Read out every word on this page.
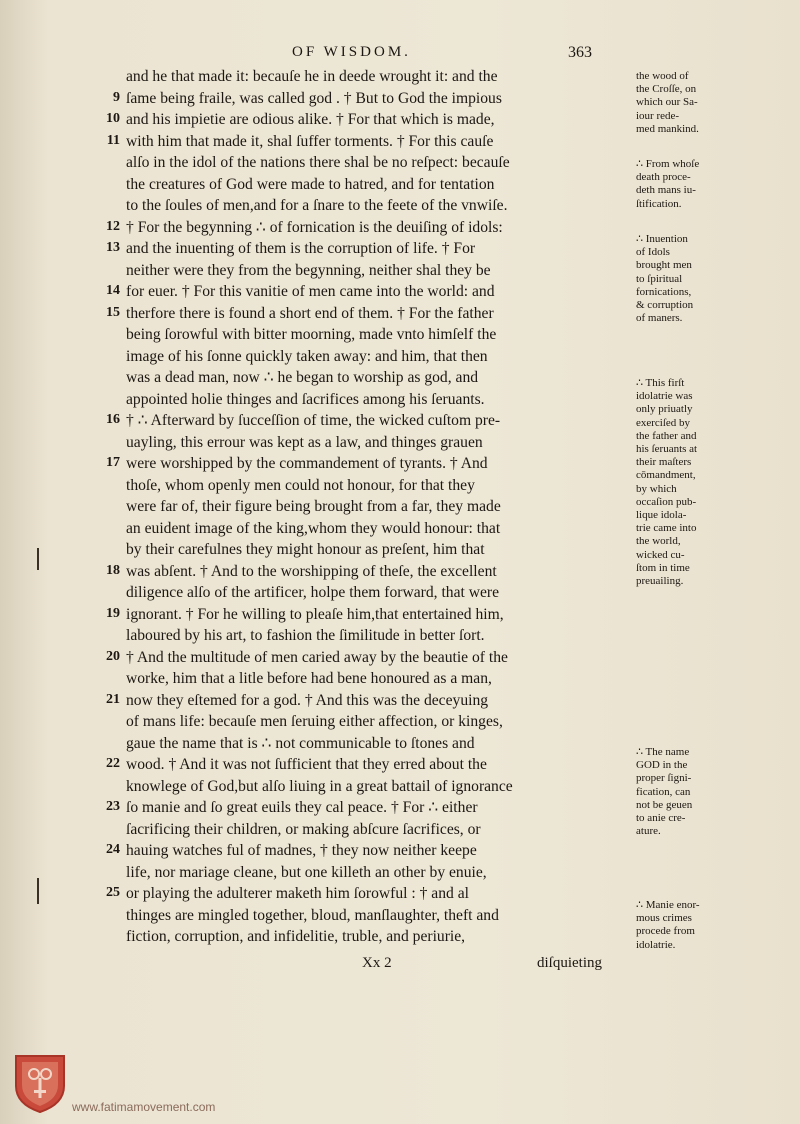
OF WISDOM.	363
and he that made it: becauſe he in deede wrought it: and the
9 ſame being fraile, was called god . † But to God the impious
10 and his impietie are odious alike. † For that which is made,
11 with him that made it, shal ſuffer torments. † For this cauſe
alſo in the idol of the nations there shal be no reſpect: becauſe
the creatures of God were made to hatred, and for tentation
to the ſoules of men,and for a ſnare to the feete of the vnwiſe.
12 † For the begynning ∴ of fornication is the deuiſing of idols:
13 and the inuenting of them is the corruption of life. † For
neither were they from the begynning, neither shal they be
14 for euer. † For this vanitie of men came into the world: and
15 therfore there is found a short end of them. † For the father
being ſorowful with bitter moorning, made vnto himſelf the
image of his ſonne quickly taken away: and him, that then
was a dead man, now ∴ he began to worship as god, and
appointed holie thinges and ſacrifices among his ſeruants.
16 † ∴ Afterward by ſucceſſion of time, the wicked cuſtom pre-
uayling, this errour was kept as a law, and thinges grauen
17 were worshipped by the commandement of tyrants. † And
thoſe, whom openly men could not honour, for that they
were far of, their figure being brought from a far, they made
an euident image of the king,whom they would honour: that
by their carefulnes they might honour as preſent, him that
18 was abſent. † And to the worshipping of theſe, the excellent
diligence alſo of the artificer, holpe them forward, that were
19 ignorant. † For he willing to pleaſe him,that entertained him,
laboured by his art, to fashion the ſimilitude in better ſort.
20 † And the multitude of men caried away by the beautie of the
worke, him that a litle before had bene honoured as a man,
21 now they eſtemed for a god. † And this was the deceyuing
of mans life: becauſe men ſeruing either affection, or kinges,
gaue the name that is ∴ not communicable to ſtones and
22 wood. † And it was not ſufficient that they erred about the
knowlege of God,but alſo liuing in a great battail of ignorance
23 ſo manie and ſo great euils they cal peace. † For ∴ either
ſacrificing their children, or making abſcure ſacrifices, or
24 hauing watches ful of madnes, † they now neither keepe
life, nor mariage cleane, but one killeth an other by enuie,
25 or playing the adulterer maketh him ſorowful : † and al
thinges are mingled together, bloud, manſlaughter, theft and
fiction, corruption, and infidelitie, truble, and periurie,
the wood of
the Croſſe, on
which our Sa-
iour rede-
med mankind.
∴ From whoſe
death proce-
deth mans iu-
ſtification.
∴ Inuention
of Idols
brought men
to ſpiritual
fornications,
& corruption
of maners.
∴ This firſt
idolatrie was
only priuatly
exerciſed by
the father and
his ſeruants at
their maſters
cōmandment,
by which
occaſion pub-
lique idola-
trie came into
the world,
wicked cu-
ſtom in time
preuailing.
∴ The name
GOD in the
proper ſigni-
fication, can
not be geuen
to anie cre-
ature.
∴ Manie enor-
mous crimes
procede from
idolatrie.
Xx 2	diſquieting
www.fatimamovement.com
